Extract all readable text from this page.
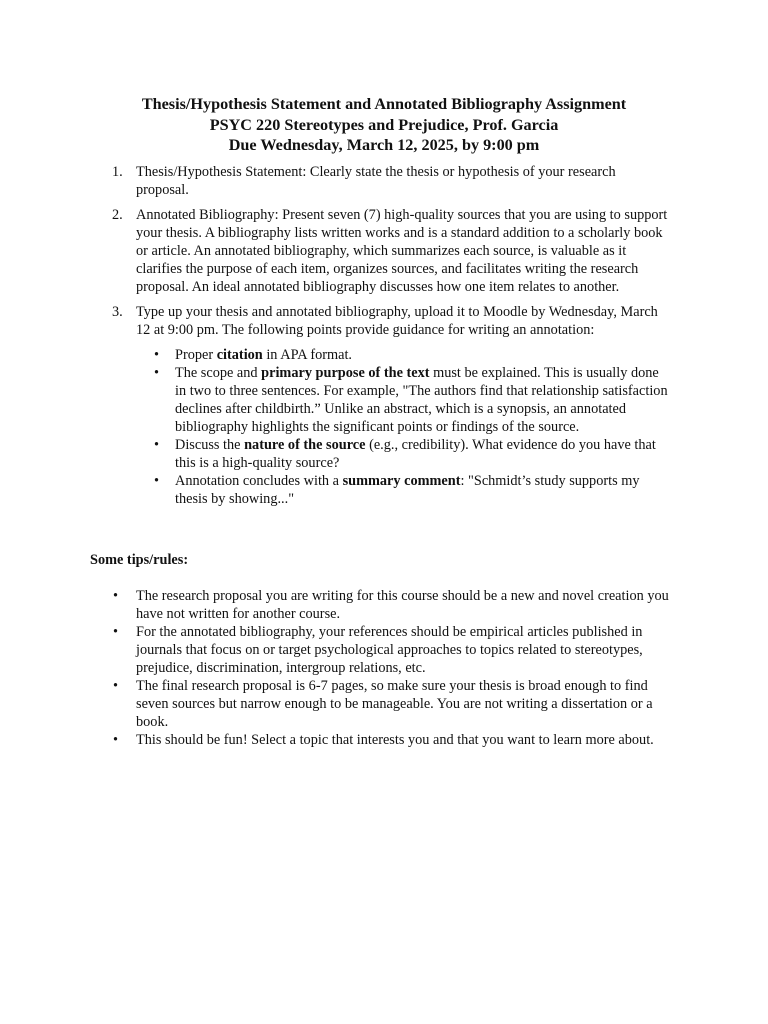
Thesis/Hypothesis Statement and Annotated Bibliography Assignment
PSYC 220 Stereotypes and Prejudice, Prof. Garcia
Due Wednesday, March 12, 2025, by 9:00 pm
1. Thesis/Hypothesis Statement: Clearly state the thesis or hypothesis of your research proposal.
2. Annotated Bibliography: Present seven (7) high-quality sources that you are using to support your thesis. A bibliography lists written works and is a standard addition to a scholarly book or article. An annotated bibliography, which summarizes each source, is valuable as it clarifies the purpose of each item, organizes sources, and facilitates writing the research proposal. An ideal annotated bibliography discusses how one item relates to another.
3. Type up your thesis and annotated bibliography, upload it to Moodle by Wednesday, March 12 at 9:00 pm. The following points provide guidance for writing an annotation:
• Proper citation in APA format.
• The scope and primary purpose of the text must be explained. This is usually done in two to three sentences. For example, "The authors find that relationship satisfaction declines after childbirth.” Unlike an abstract, which is a synopsis, an annotated bibliography highlights the significant points or findings of the source.
• Discuss the nature of the source (e.g., credibility). What evidence do you have that this is a high-quality source?
• Annotation concludes with a summary comment: "Schmidt’s study supports my thesis by showing..."
Some tips/rules:
• The research proposal you are writing for this course should be a new and novel creation you have not written for another course.
• For the annotated bibliography, your references should be empirical articles published in journals that focus on or target psychological approaches to topics related to stereotypes, prejudice, discrimination, intergroup relations, etc.
• The final research proposal is 6-7 pages, so make sure your thesis is broad enough to find seven sources but narrow enough to be manageable. You are not writing a dissertation or a book.
• This should be fun! Select a topic that interests you and that you want to learn more about.
